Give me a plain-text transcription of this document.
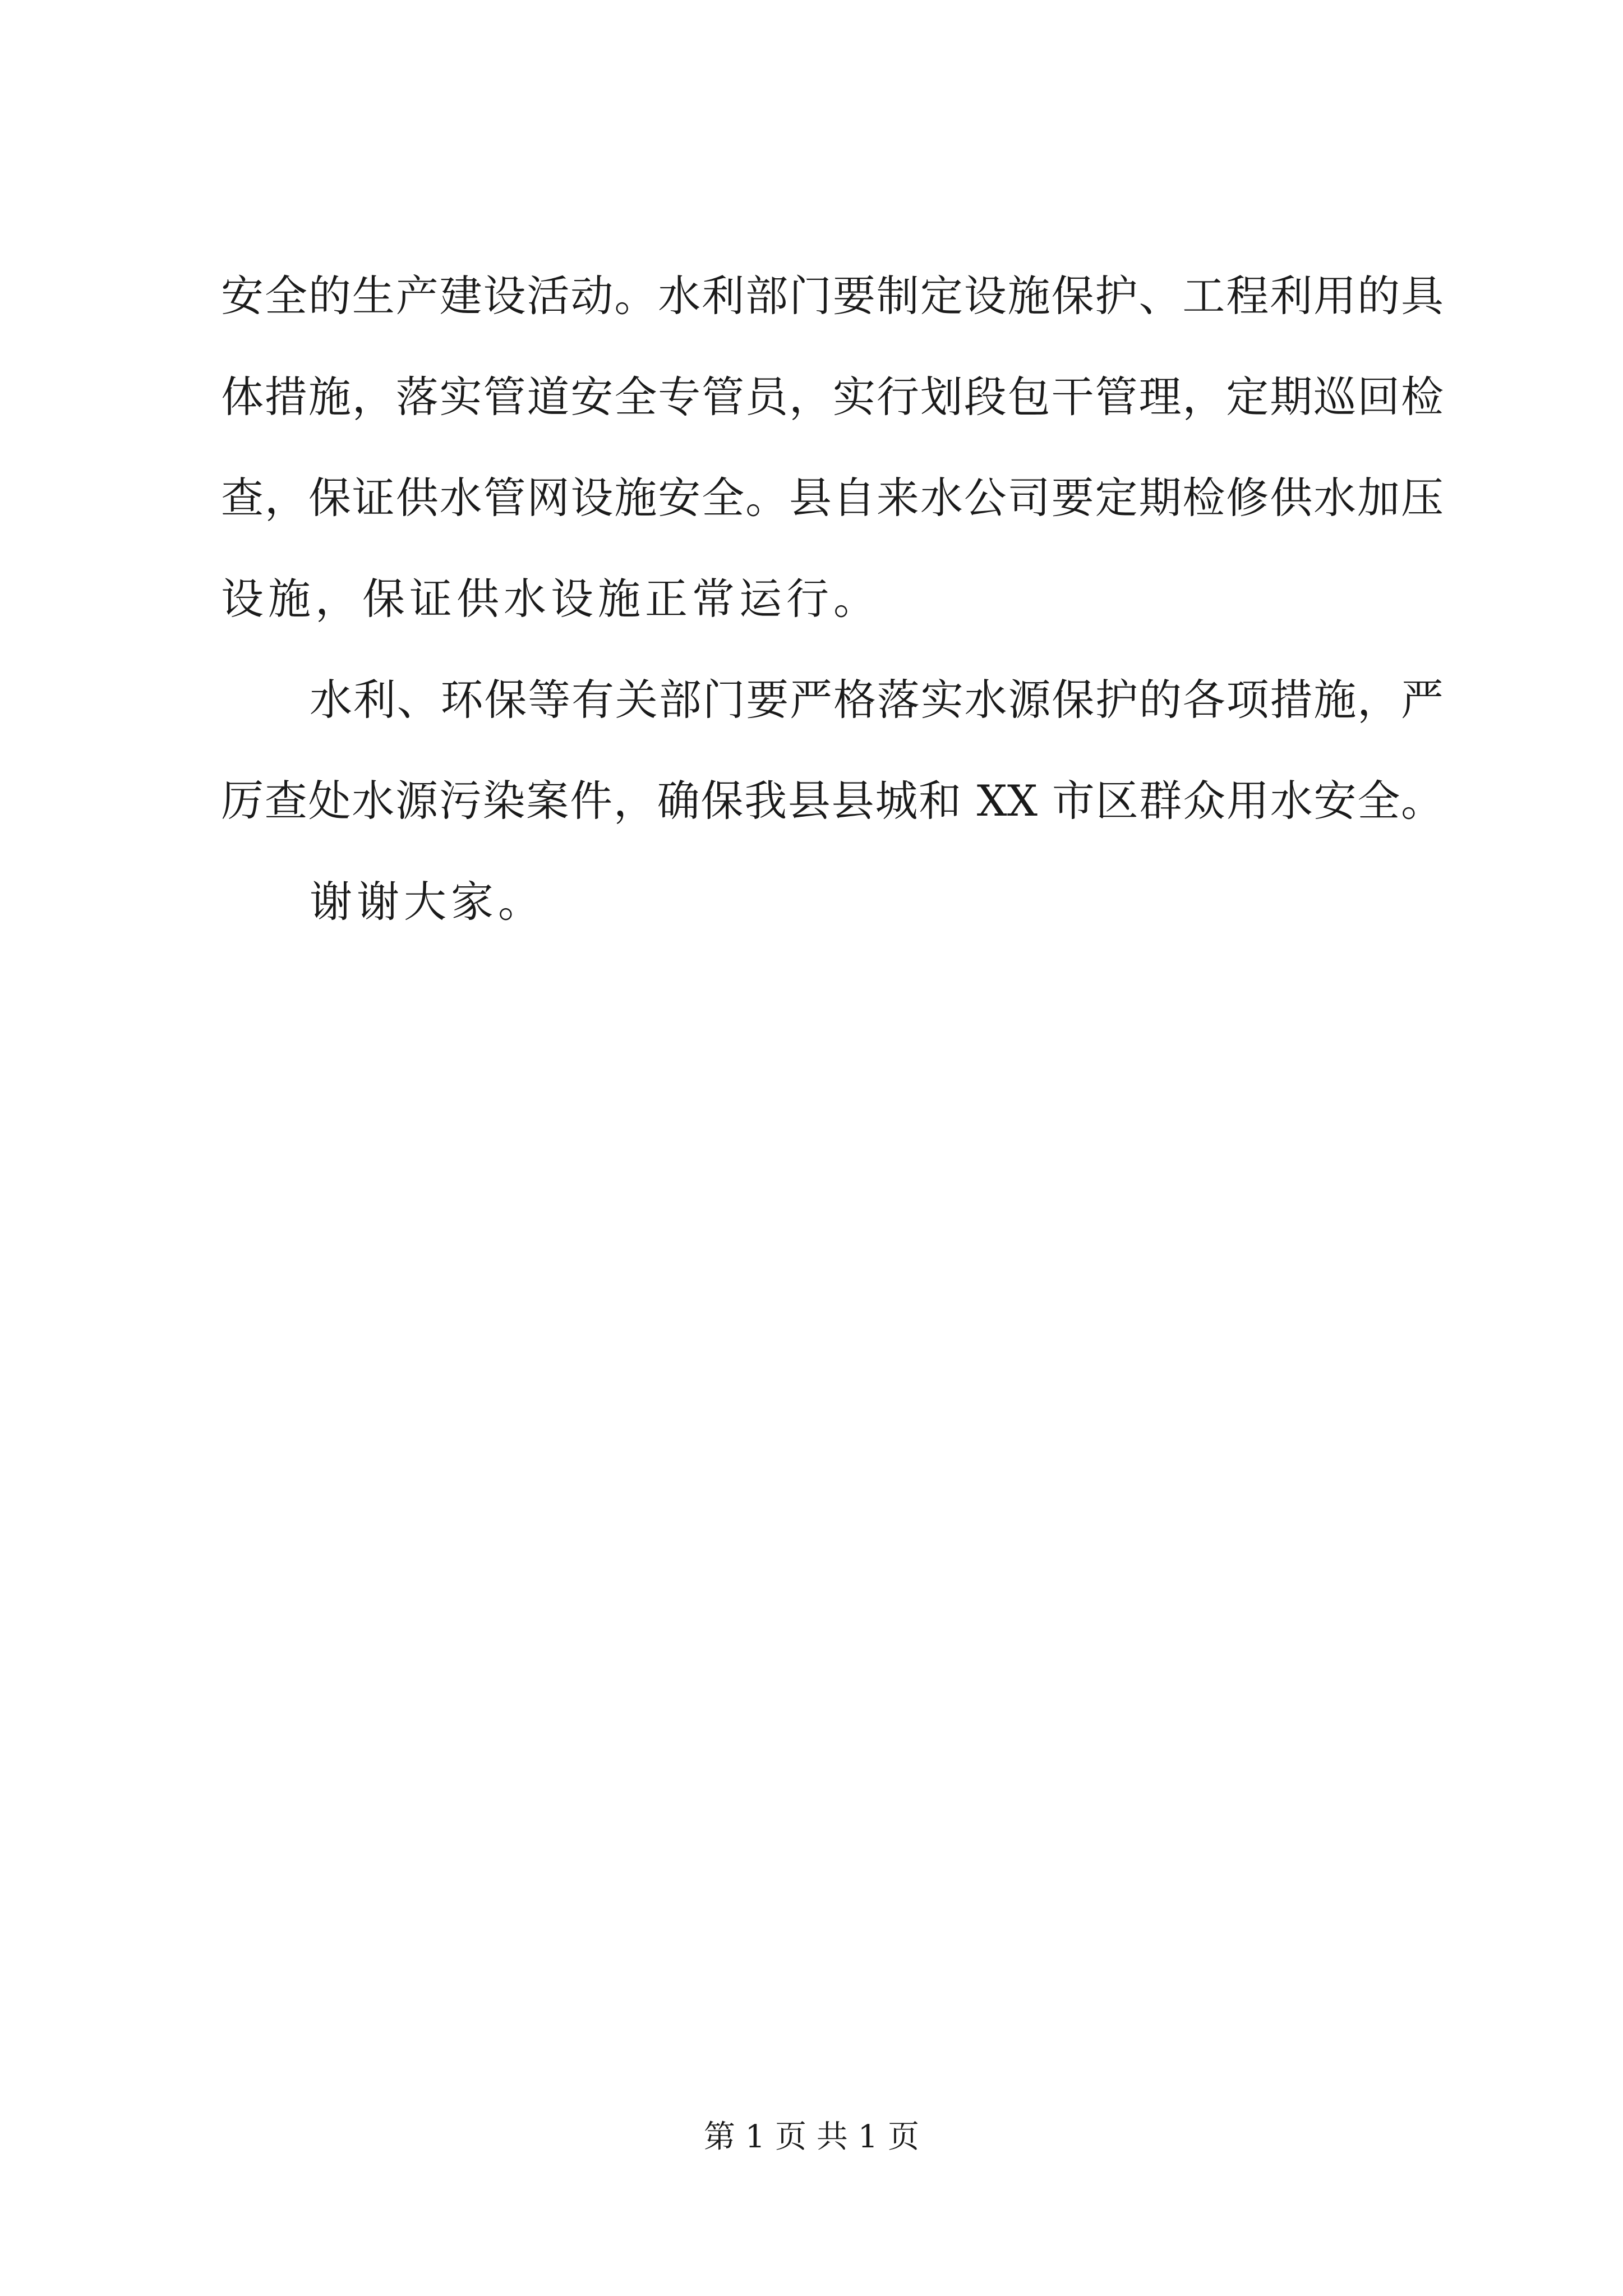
安全的生产建设活动。水利部门要制定设施保护、工程利用的具
体措施，落实管道安全专管员，实行划段包干管理，定期巡回检
查，保证供水管网设施安全。县自来水公司要定期检修供水加压
设施，保证供水设施正常运行。
水利、环保等有关部门要严格落实水源保护的各项措施，严
厉查处水源污染案件，确保我县县城和 XX 市区群众用水安全。
谢谢大家。
第 1 页 共 1 页
